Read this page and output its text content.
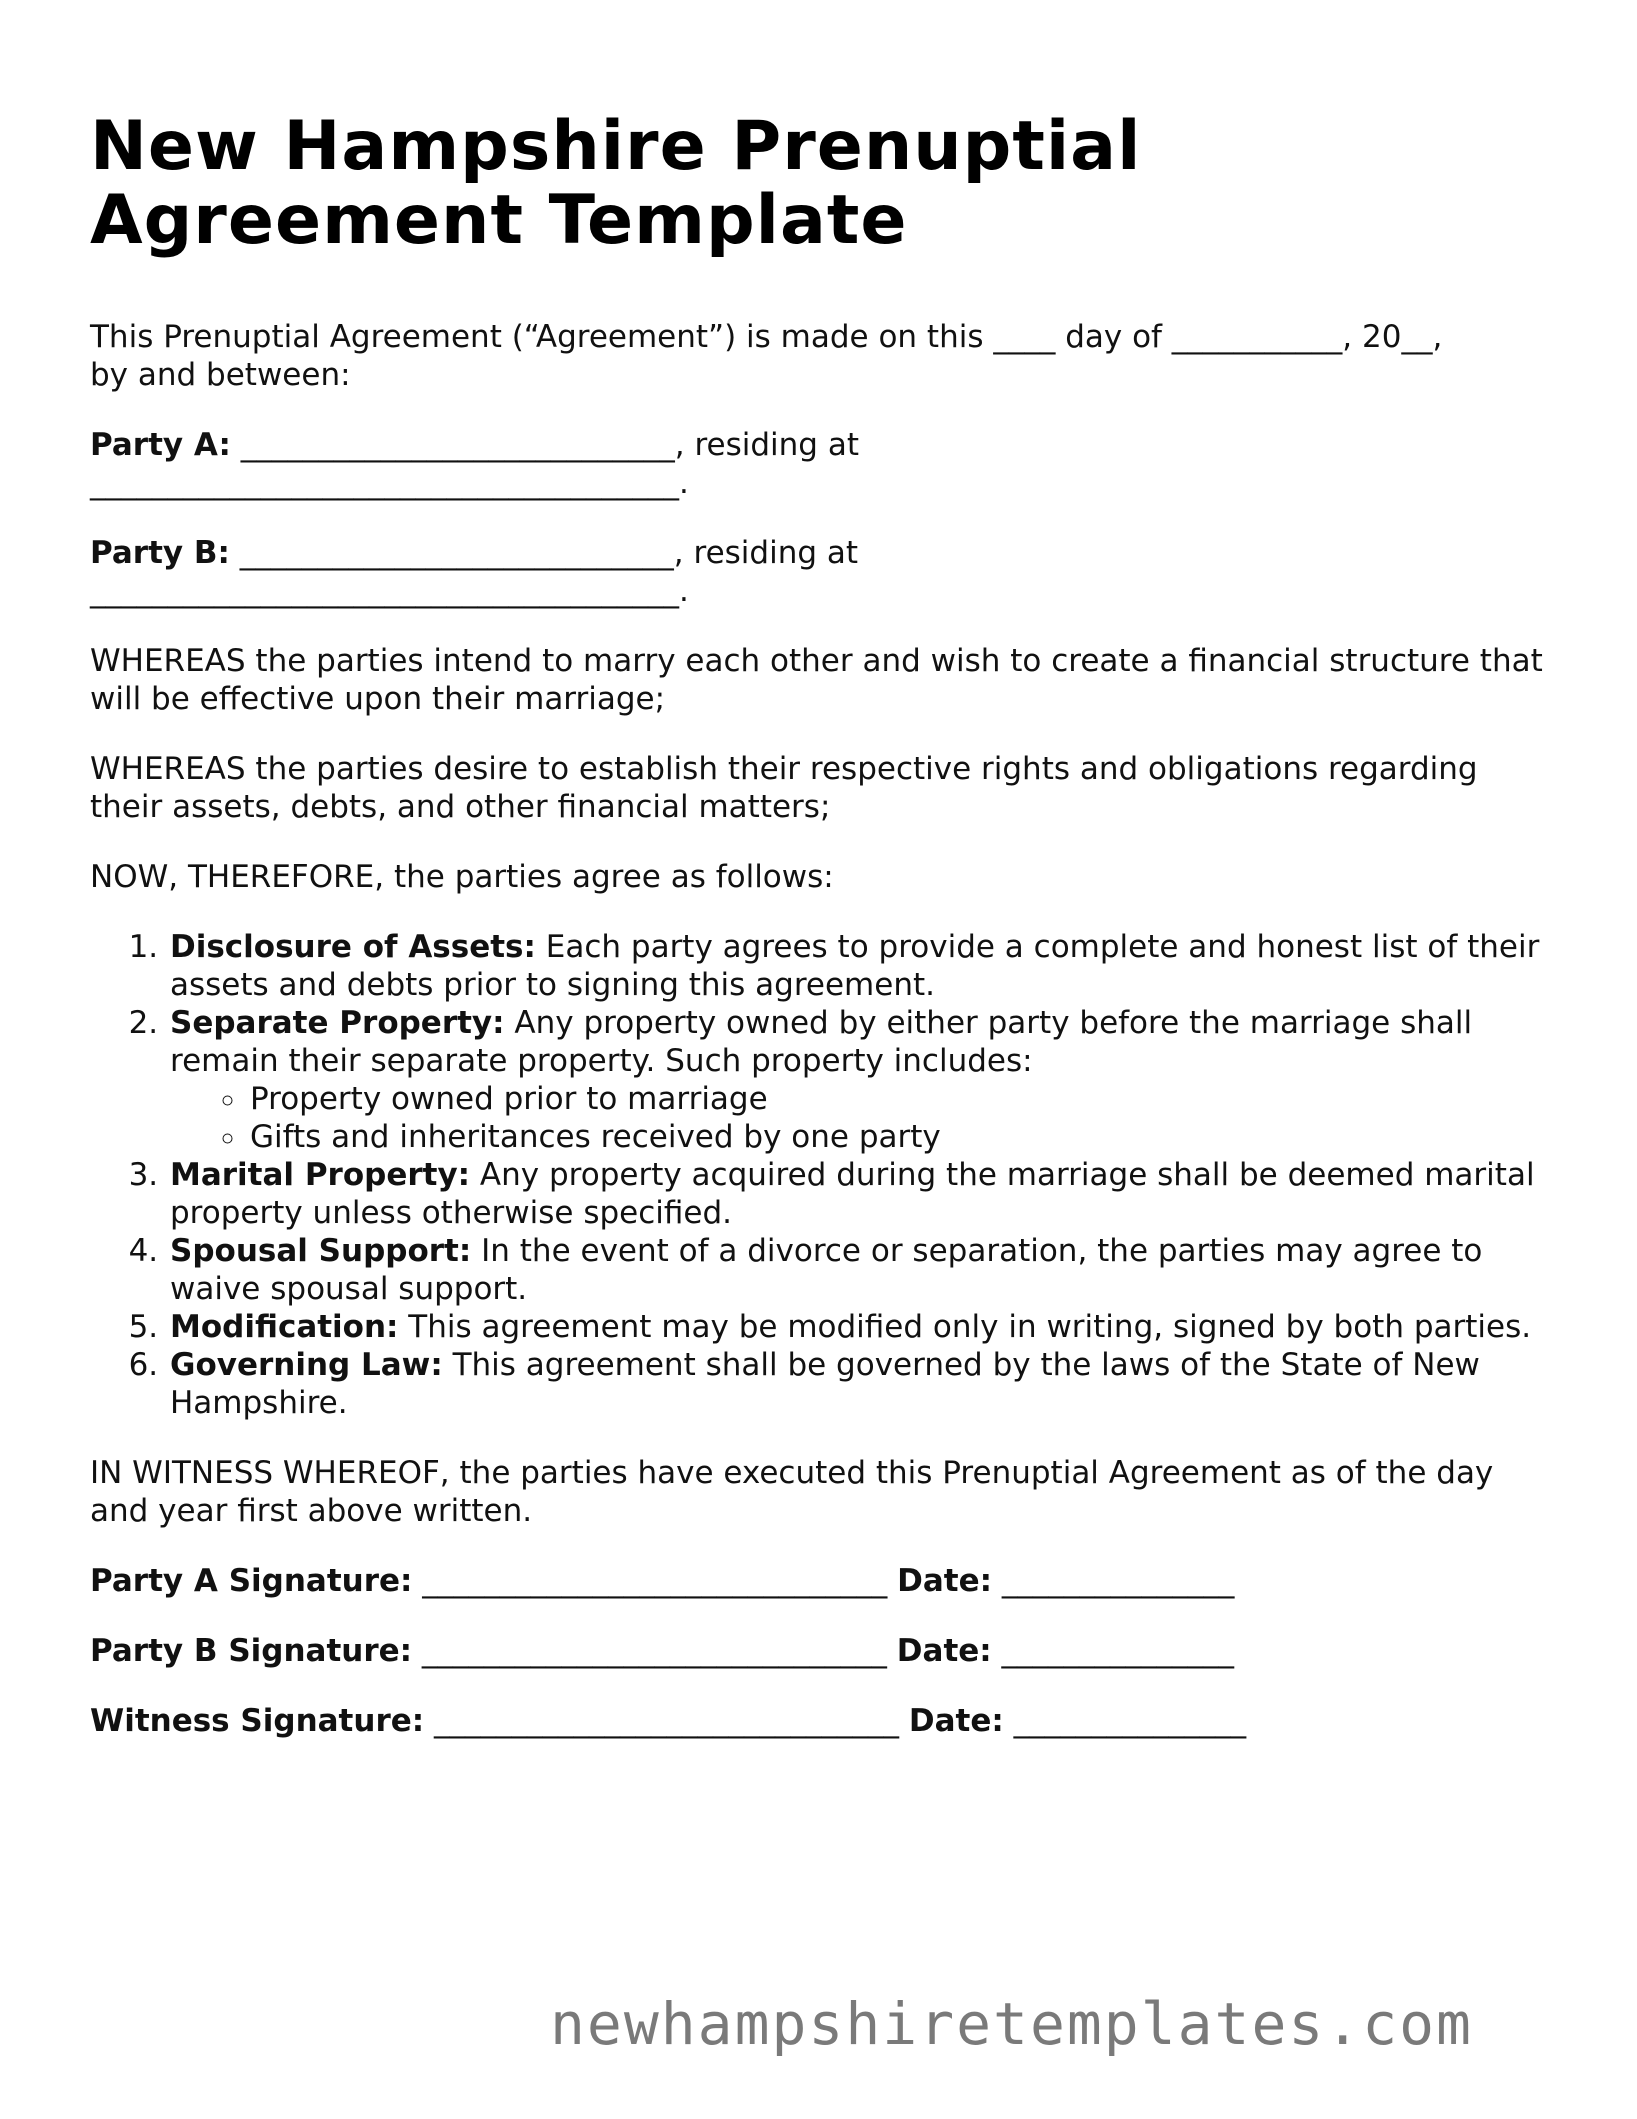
New Hampshire Prenuptial Agreement Template

This Prenuptial Agreement (“Agreement”) is made on this ____ day of ___________, 20__,
by and between:

Party A: ____________________________, residing at
______________________________________.

Party B: ____________________________, residing at
______________________________________.

WHEREAS the parties intend to marry each other and wish to create a financial structure that will be effective upon their marriage;

WHEREAS the parties desire to establish their respective rights and obligations regarding their assets, debts, and other financial matters;

NOW, THEREFORE, the parties agree as follows:

1. Disclosure of Assets: Each party agrees to provide a complete and honest list of their assets and debts prior to signing this agreement.
2. Separate Property: Any property owned by either party before the marriage shall remain their separate property. Such property includes:
◦ Property owned prior to marriage
◦ Gifts and inheritances received by one party
3. Marital Property: Any property acquired during the marriage shall be deemed marital property unless otherwise specified.
4. Spousal Support: In the event of a divorce or separation, the parties may agree to waive spousal support.
5. Modification: This agreement may be modified only in writing, signed by both parties.
6. Governing Law: This agreement shall be governed by the laws of the State of New Hampshire.

IN WITNESS WHEREOF, the parties have executed this Prenuptial Agreement as of the day and year first above written.

Party A Signature: ______________________________ Date: _______________
Party B Signature: ______________________________ Date: _______________
Witness Signature: ______________________________ Date: _______________
newhampshiretemplates.com
